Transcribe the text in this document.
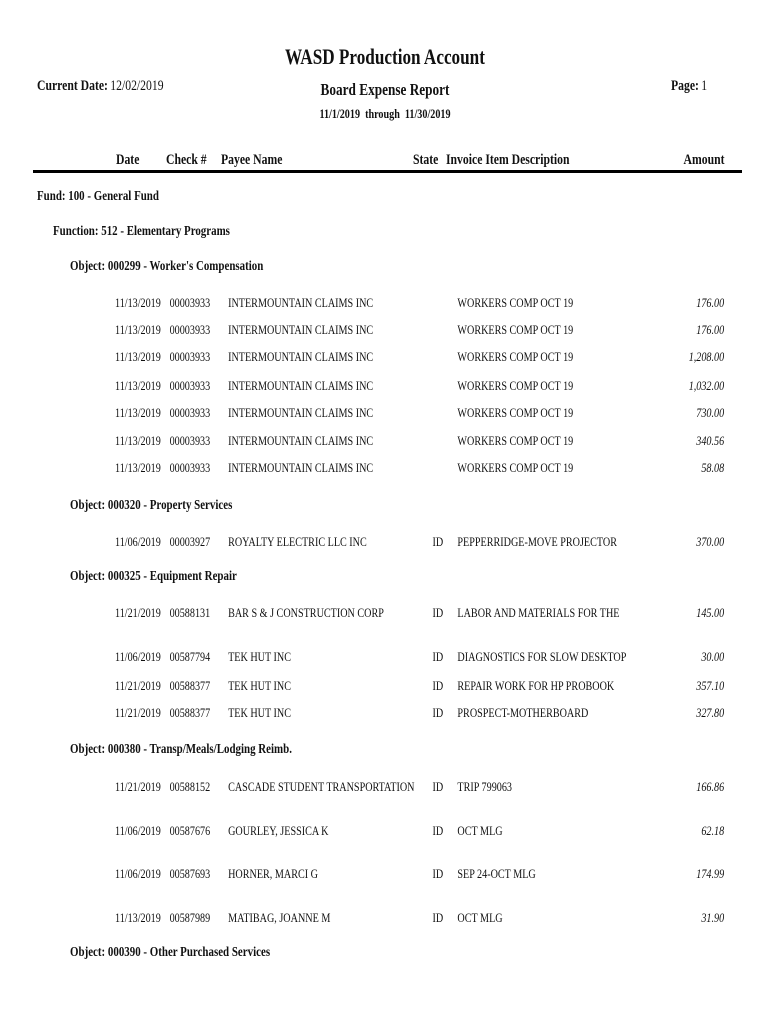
WASD Production Account
Current Date: 12/02/2019	Board Expense Report	Page: 1
11/1/2019  through  11/30/2019
Date Check # Payee Name	State Invoice Item Description	Amount
Fund: 100 - General Fund
Function: 512 - Elementary Programs
Object: 000299 - Worker's Compensation
11/13/2019 00003933	INTERMOUNTAIN CLAIMS INC	WORKERS COMP OCT 19	176.00
11/13/2019 00003933	INTERMOUNTAIN CLAIMS INC	WORKERS COMP OCT 19	176.00
11/13/2019 00003933	INTERMOUNTAIN CLAIMS INC	WORKERS COMP OCT 19	1,208.00
11/13/2019 00003933	INTERMOUNTAIN CLAIMS INC	WORKERS COMP OCT 19	1,032.00
11/13/2019 00003933	INTERMOUNTAIN CLAIMS INC	WORKERS COMP OCT 19	730.00
11/13/2019 00003933	INTERMOUNTAIN CLAIMS INC	WORKERS COMP OCT 19	340.56
11/13/2019 00003933	INTERMOUNTAIN CLAIMS INC	WORKERS COMP OCT 19	58.08
Object: 000320 - Property Services
11/06/2019 00003927	ROYALTY ELECTRIC LLC INC	ID	PEPPERRIDGE-MOVE PROJECTOR	370.00
Object: 000325 - Equipment Repair
11/21/2019 00588131	BAR S & J CONSTRUCTION CORP	ID	LABOR AND MATERIALS FOR THE	145.00
11/06/2019 00587794	TEK HUT INC	ID	DIAGNOSTICS FOR SLOW DESKTOP	30.00
11/21/2019 00588377	TEK HUT INC	ID	REPAIR WORK FOR HP PROBOOK	357.10
11/21/2019 00588377	TEK HUT INC	ID	PROSPECT-MOTHERBOARD	327.80
Object: 000380 - Transp/Meals/Lodging Reimb.
11/21/2019 00588152	CASCADE STUDENT TRANSPORTATION	ID	TRIP 799063	166.86
11/06/2019 00587676	GOURLEY, JESSICA K	ID	OCT MLG	62.18
11/06/2019 00587693	HORNER, MARCI G	ID	SEP 24-OCT MLG	174.99
11/13/2019 00587989	MATIBAG, JOANNE M	ID	OCT MLG	31.90
Object: 000390 - Other Purchased Services
